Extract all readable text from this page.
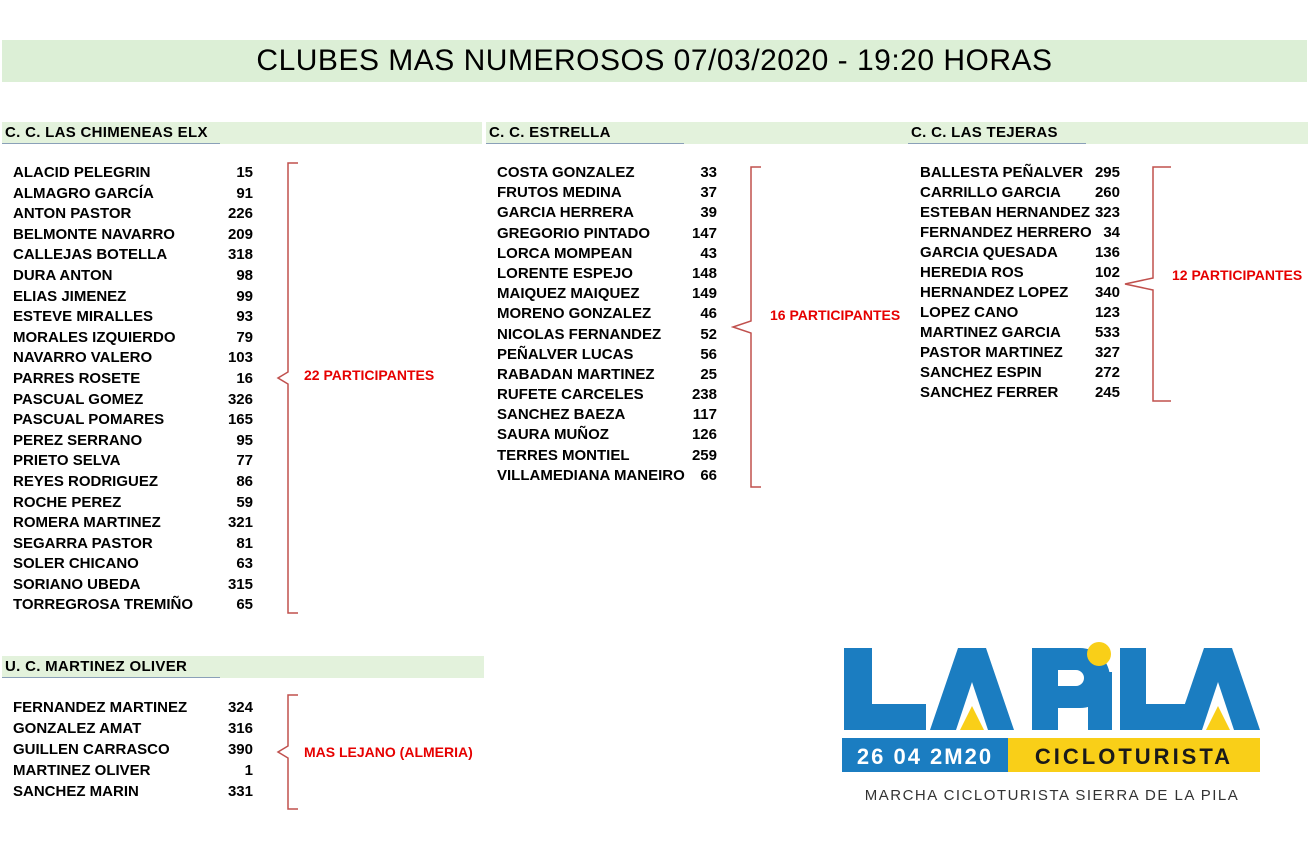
CLUBES MAS NUMEROSOS 07/03/2020 - 19:20 HORAS
C. C. LAS CHIMENEAS ELX
ALACID PELEGRIN	15
ALMAGRO GARCÍA	91
ANTON PASTOR	226
BELMONTE NAVARRO	209
CALLEJAS BOTELLA	318
DURA ANTON	98
ELIAS JIMENEZ	99
ESTEVE MIRALLES	93
MORALES IZQUIERDO	79
NAVARRO VALERO	103
PARRES ROSETE	16
PASCUAL GOMEZ	326
PASCUAL POMARES	165
PEREZ SERRANO	95
PRIETO SELVA	77
REYES RODRIGUEZ	86
ROCHE PEREZ	59
ROMERA MARTINEZ	321
SEGARRA PASTOR	81
SOLER CHICANO	63
SORIANO UBEDA	315
TORREGROSA TREMIÑO	65
22 PARTICIPANTES
C. C. ESTRELLA
COSTA GONZALEZ	33
FRUTOS MEDINA	37
GARCIA HERRERA	39
GREGORIO PINTADO	147
LORCA MOMPEAN	43
LORENTE ESPEJO	148
MAIQUEZ MAIQUEZ	149
MORENO GONZALEZ	46
NICOLAS FERNANDEZ	52
PEÑALVER LUCAS	56
RABADAN MARTINEZ	25
RUFETE CARCELES	238
SANCHEZ BAEZA	117
SAURA MUÑOZ	126
TERRES MONTIEL	259
VILLAMEDIANA MANEIRO 66
16 PARTICIPANTES
C. C. LAS TEJERAS
BALLESTA PEÑALVER 295
CARRILLO GARCIA 260
ESTEBAN HERNANDEZ 323
FERNANDEZ HERRERO 34
GARCIA QUESADA 136
HEREDIA ROS	102
HERNANDEZ LOPEZ 340
LOPEZ CANO	123
MARTINEZ GARCIA 533
PASTOR MARTINEZ 327
SANCHEZ ESPIN	272
SANCHEZ FERRER 245
12 PARTICIPANTES
U. C. MARTINEZ OLIVER
FERNANDEZ MARTINEZ	324
GONZALEZ AMAT	316
GUILLEN CARRASCO	390
MARTINEZ OLIVER	1
SANCHEZ MARIN	331
MAS LEJANO (ALMERIA)	26 04 2M20 CICLOTURISTA
MARCHA CICLOTURISTA SIERRA DE LA PILA
